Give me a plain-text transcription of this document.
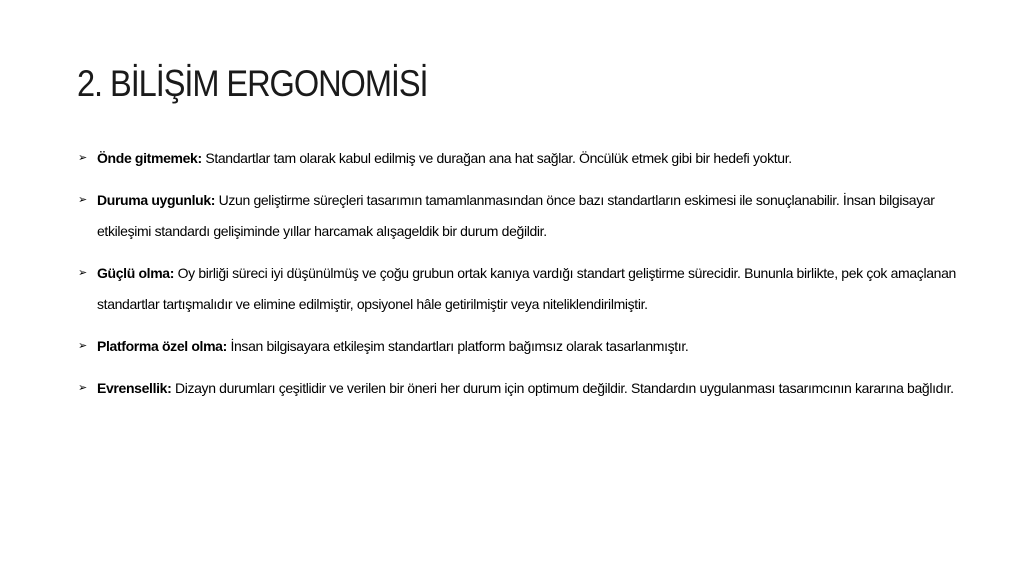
2. BİLİŞİM ERGONOMİSİ
➢ Önde gitmemek: Standartlar tam olarak kabul edilmiş ve durağan ana hat sağlar. Öncülük etmek gibi bir hedefi yoktur.
➢ Duruma uygunluk: Uzun geliştirme süreçleri tasarımın tamamlanmasından önce bazı standartların eskimesi ile sonuçlanabilir. İnsan bilgisayar etkileşimi standardı gelişiminde yıllar harcamak alışageldik bir durum değildir.
➢ Güçlü olma: Oy birliği süreci iyi düşünülmüş ve çoğu grubun ortak kanıya vardığı standart geliştirme sürecidir. Bununla birlikte, pek çok amaçlanan standartlar tartışmalıdır ve elimine edilmiştir, opsiyonel hâle getirilmiştir veya niteliklendirilmiştir.
➢ Platforma özel olma: İnsan bilgisayara etkileşim standartları platform bağımsız olarak tasarlanmıştır.
➢ Evrensellik: Dizayn durumları çeşitlidir ve verilen bir öneri her durum için optimum değildir. Standardın uygulanması tasarımcının kararına bağlıdır.
